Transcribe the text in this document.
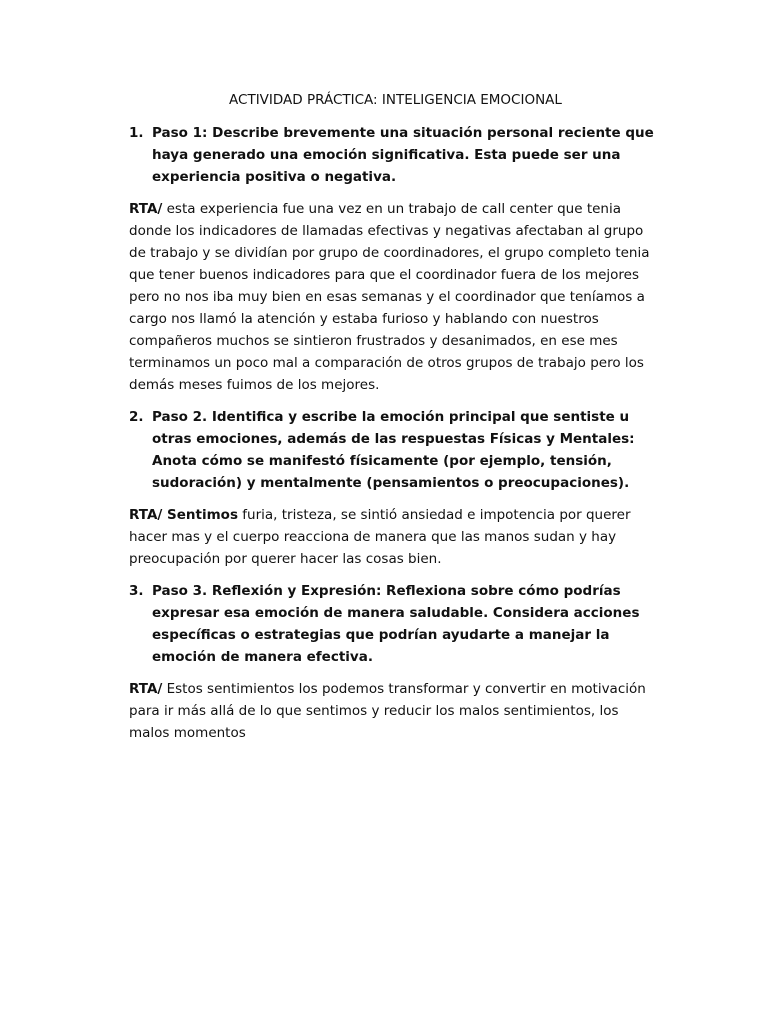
ACTIVIDAD PRÁCTICA: INTELIGENCIA EMOCIONAL
1. Paso 1: Describe brevemente una situación personal reciente que haya generado una emoción significativa. Esta puede ser una experiencia positiva o negativa.
RTA/ esta experiencia fue una vez en un trabajo de call center que tenia donde los indicadores de llamadas efectivas y negativas afectaban al grupo de trabajo y se dividían por grupo de coordinadores, el grupo completo tenia que tener buenos indicadores para que el coordinador fuera de los mejores pero no nos iba muy bien en esas semanas y el coordinador que teníamos a cargo nos llamó la atención y estaba furioso y hablando con nuestros compañeros muchos se sintieron frustrados y desanimados, en ese mes terminamos un poco mal a comparación de otros grupos de trabajo pero los demás meses fuimos de los mejores.
2. Paso 2. Identifica y escribe la emoción principal que sentiste u otras emociones, además de las respuestas Físicas y Mentales: Anota cómo se manifestó físicamente (por ejemplo, tensión, sudoración) y mentalmente (pensamientos o preocupaciones).
RTA/ Sentimos furia, tristeza, se sintió ansiedad e impotencia por querer hacer mas y el cuerpo reacciona de manera que las manos sudan y hay preocupación por querer hacer las cosas bien.
3. Paso 3. Reflexión y Expresión: Reflexiona sobre cómo podrías expresar esa emoción de manera saludable. Considera acciones específicas o estrategias que podrían ayudarte a manejar la emoción de manera efectiva.
RTA/ Estos sentimientos los podemos transformar y convertir en motivación para ir más allá de lo que sentimos y reducir los malos sentimientos, los malos momentos
